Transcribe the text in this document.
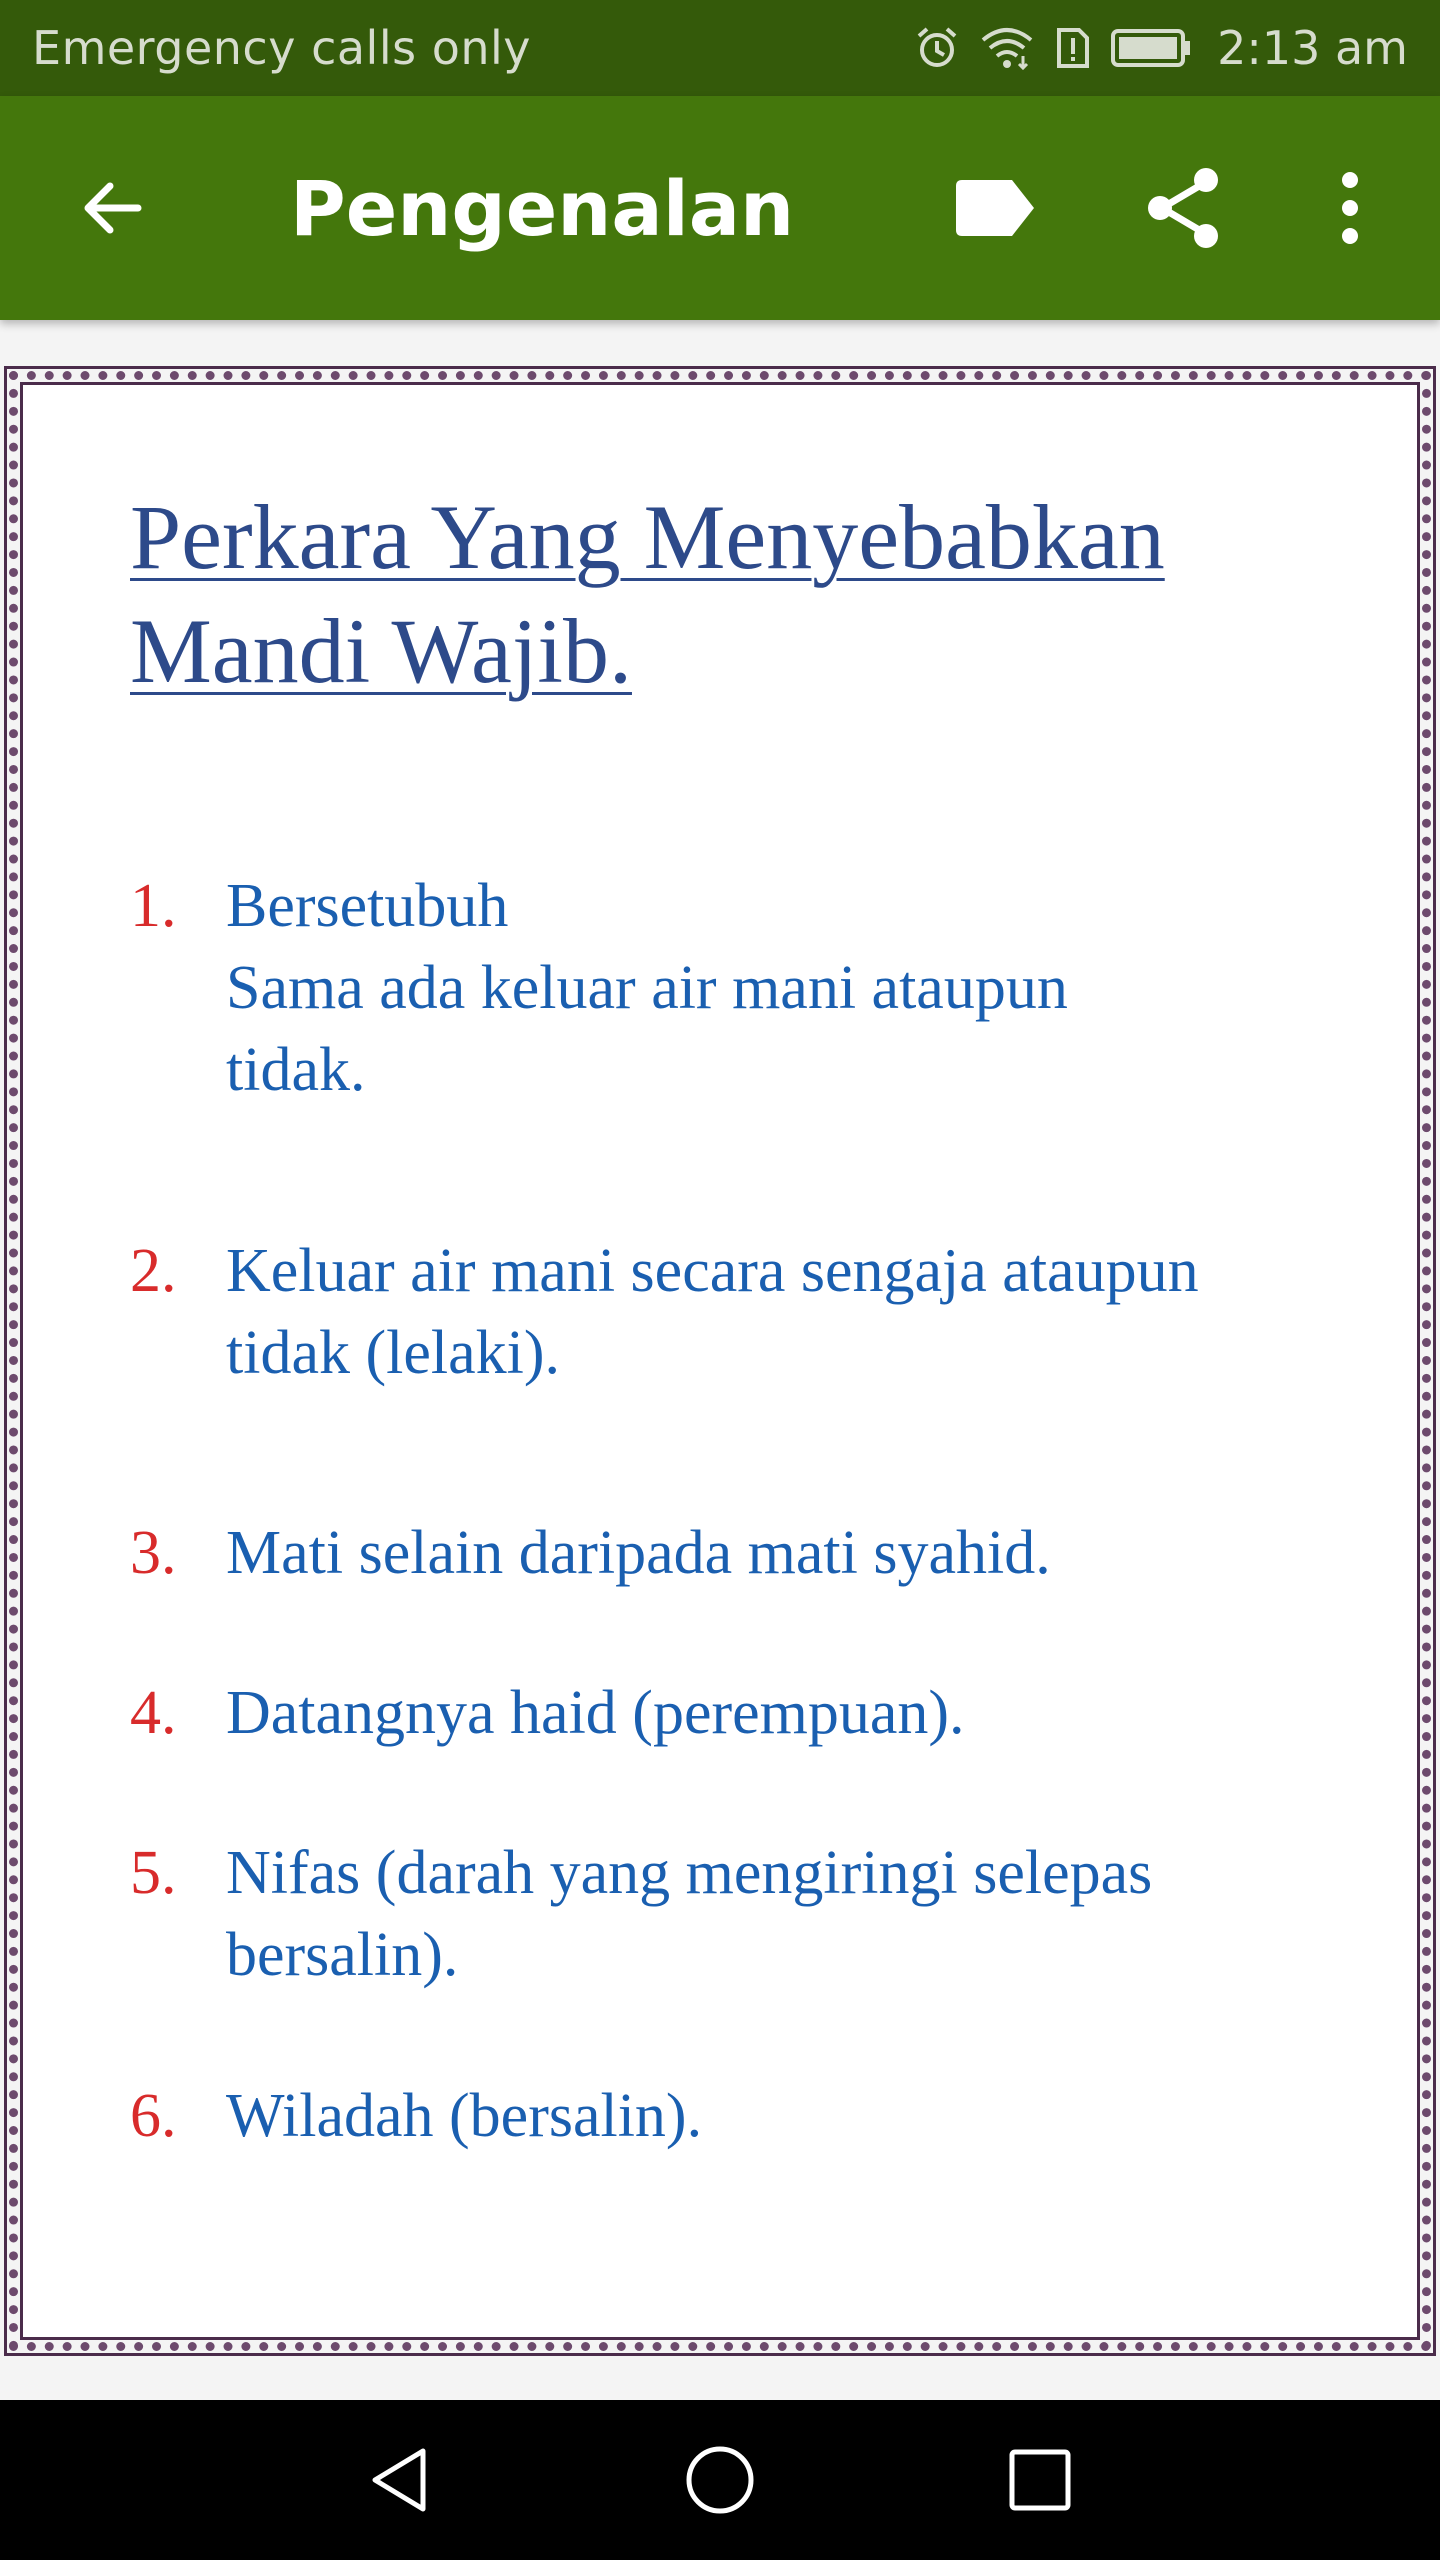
Emergency calls only	2:13 am
Pengenalan
Perkara Yang Menyebabkan
Mandi Wajib.
1. Bersetubuh
Sama ada keluar air mani ataupun
tidak.
2. Keluar air mani secara sengaja ataupun
tidak (lelaki).
3. Mati selain daripada mati syahid.
4. Datangnya haid (perempuan).
5. Nifas (darah yang mengiringi selepas
bersalin).
6. Wiladah (bersalin).
